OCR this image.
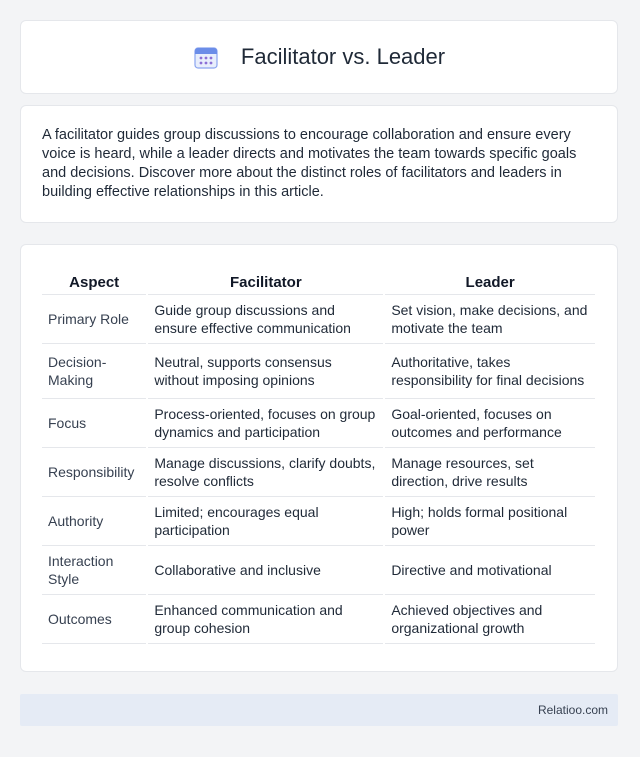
Facilitator vs. Leader

A facilitator guides group discussions to encourage collaboration and ensure every voice is heard, while a leader directs and motivates the team towards specific goals and decisions. Discover more about the distinct roles of facilitators and leaders in building effective relationships in this article.

Aspect	Facilitator	Leader
Primary Role	Guide group discussions and ensure effective communication	Set vision, make decisions, and motivate the team
Decision-Making	Neutral, supports consensus without imposing opinions	Authoritative, takes responsibility for final decisions
Focus	Process-oriented, focuses on group dynamics and participation	Goal-oriented, focuses on outcomes and performance
Responsibility	Manage discussions, clarify doubts, resolve conflicts	Manage resources, set direction, drive results
Authority	Limited; encourages equal participation	High; holds formal positional power
Interaction Style	Collaborative and inclusive	Directive and motivational
Outcomes	Enhanced communication and group cohesion	Achieved objectives and organizational growth
Relatioo.com
